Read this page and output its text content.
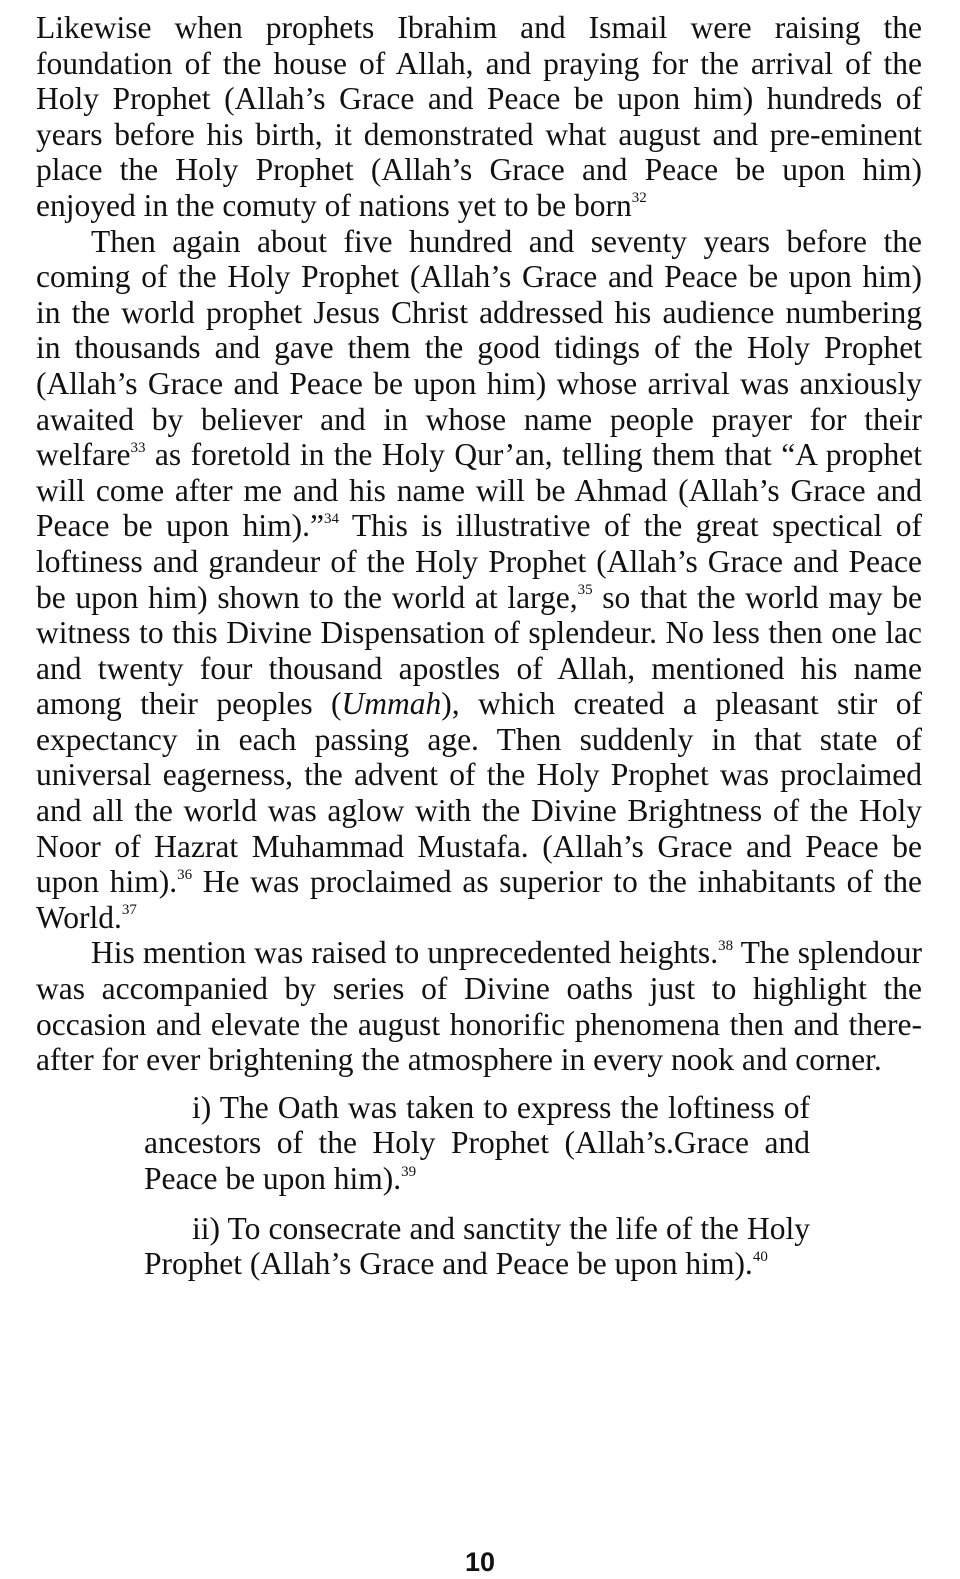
Likewise when prophets Ibrahim and Ismail were raising the foundation of the house of Allah, and praying for the arrival of the Holy Prophet (Allah’s Grace and Peace be upon him) hundreds of years before his birth, it demonstrated what august and pre-eminent place the Holy Prophet (Allah’s Grace and Peace be upon him) enjoyed in the comuty of nations yet to be born$^{32}$

Then again about five hundred and seventy years before the coming of the Holy Prophet (Allah’s Grace and Peace be upon him) in the world prophet Jesus Christ addressed his audience numbering in thousands and gave them the good tidings of the Holy Prophet (Allah’s Grace and Peace be upon him) whose arrival was anxiously awaited by believer and in whose name people prayer for their welfare$^{33}$ as foretold in the Holy Qur’an, telling them that “A prophet will come after me and his name will be Ahmad (Allah’s Grace and Peace be upon him).”$^{34}$ This is illustrative of the great spectical of loftiness and grandeur of the Holy Prophet (Allah’s Grace and Peace be upon him) shown to the world at large,$^{35}$ so that the world may be witness to this Divine Dispensation of splendeur. No less then one lac and twenty four thousand apostles of Allah, mentioned his name among their peoples (Ummah), which created a pleasant stir of expectancy in each passing age. Then suddenly in that state of universal eagerness, the advent of the Holy Prophet was proclaimed and all the world was aglow with the Divine Brightness of the Holy Noor of Hazrat Muhammad Mustafa. (Allah’s Grace and Peace be upon him).$^{36}$ He was proclaimed as superior to the inhabitants of the World.$^{37}$

His mention was raised to unprecedented heights.$^{38}$ The splendour was accompanied by series of Divine oaths just to highlight the occasion and elevate the august honorific phenomena then and there-after for ever brightening the atmosphere in every nook and corner.

i) The Oath was taken to express the loftiness of ancestors of the Holy Prophet (Allah’s.Grace and Peace be upon him).$^{39}$

ii) To consecrate and sanctity the life of the Holy Prophet (Allah’s Grace and Peace be upon him).$^{40}$

10
